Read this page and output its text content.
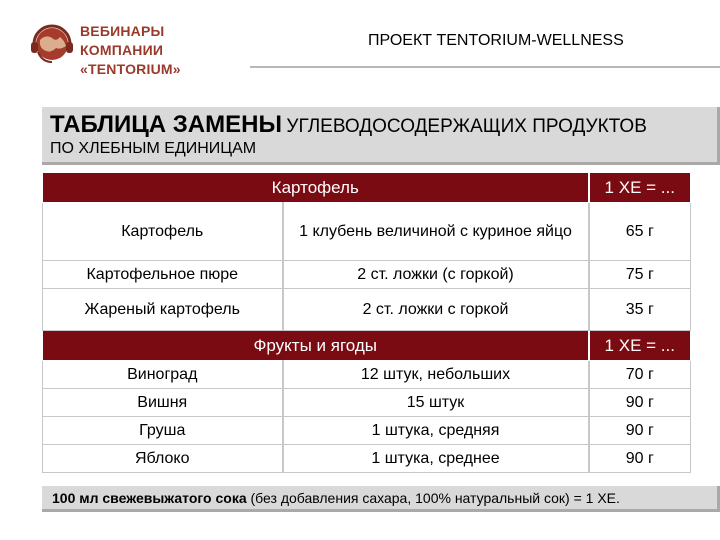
ВЕБИНАРЫ
КОМПАНИИ «TENTORIUM»
ПРОЕКТ TENTORIUM-WELLNESS
ТАБЛИЦА ЗАМЕНЫ УГЛЕВОДОСОДЕРЖАЩИХ ПРОДУКТОВ
ПО ХЛЕБНЫМ ЕДИНИЦАМ
Картофель		1 ХЕ = ...
Картофель	1 клубень величиной с куриное яйцо	65 г
Картофельное пюре	2 ст. ложки (с горкой)	75 г
Жареный картофель	2 ст. ложки с горкой	35 г
Фрукты и ягоды		1 ХЕ = ...
Виноград	12 штук, небольших	70 г
Вишня	15 штук	90 г
Груша	1 штука, средняя	90 г
Яблоко	1 штука, среднее	90 г
100 мл свежевыжатого сока (без добавления сахара, 100% натуральный сок) = 1 ХЕ.
